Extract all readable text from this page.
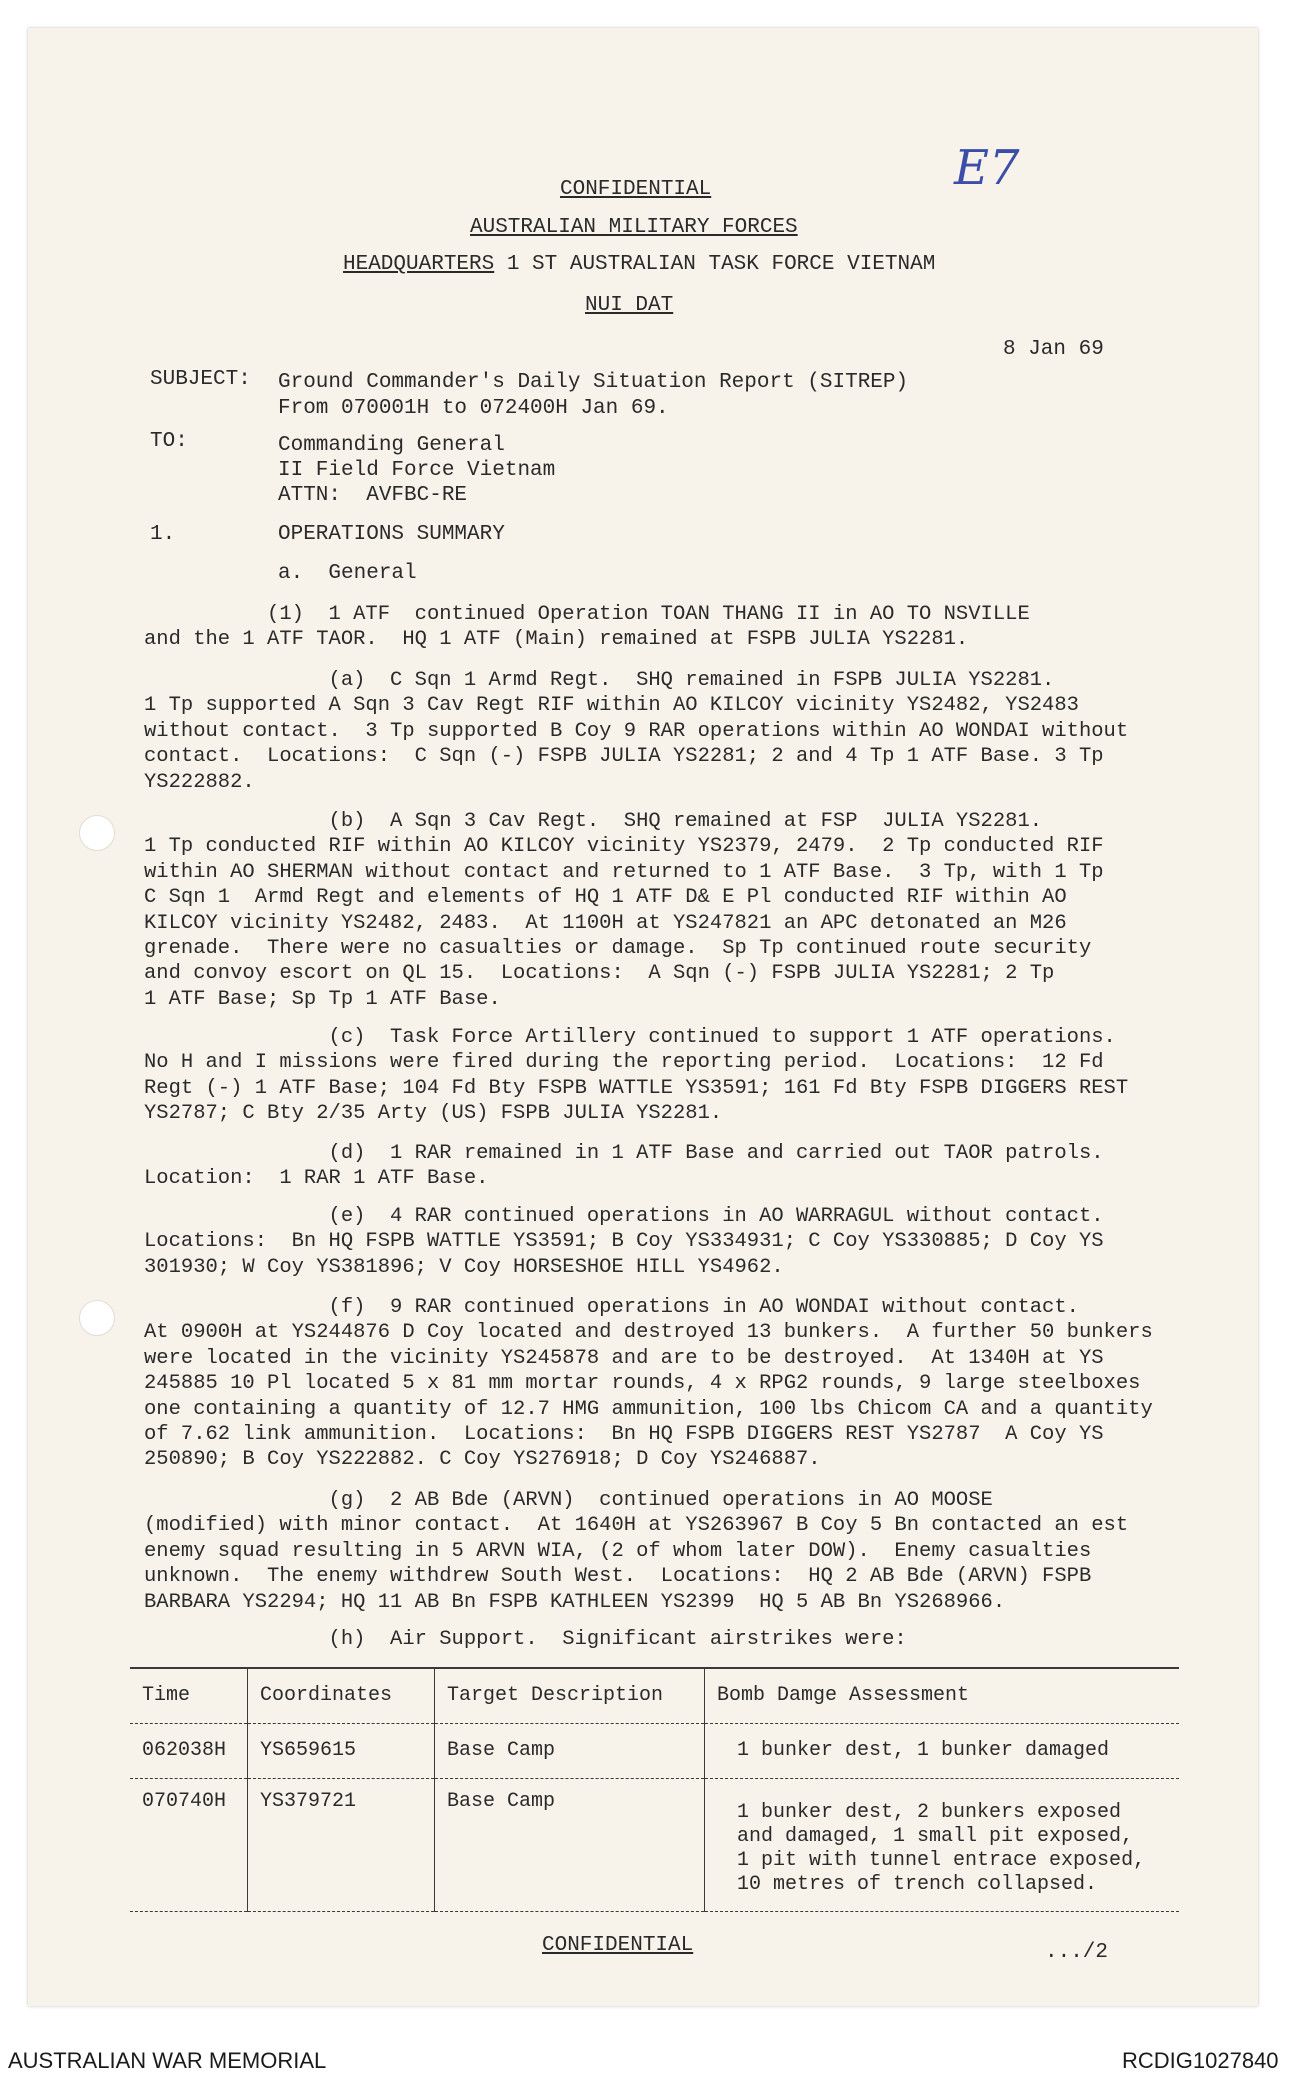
E7
CONFIDENTIAL
AUSTRALIAN MILITARY FORCES
HEADQUARTERS 1 ST AUSTRALIAN TASK FORCE VIETNAM
NUI DAT
8 Jan 69
SUBJECT: Ground Commander's Daily Situation Report (SITREP)
From 070001H to 072400H Jan 69.
TO:	Commanding General
II Field Force Vietnam
ATTN:  AVFBC-RE
1.	OPERATIONS SUMMARY
a.  General
(1)  1 ATF  continued Operation TOAN THANG II in AO TO NSVILLE
and the 1 ATF TAOR.  HQ 1 ATF (Main) remained at FSPB JULIA YS2281.
(a)  C Sqn 1 Armd Regt.  SHQ remained in FSPB JULIA YS2281.
1 Tp supported A Sqn 3 Cav Regt RIF within AO KILCOY vicinity YS2482, YS2483
without contact.  3 Tp supported B Coy 9 RAR operations within AO WONDAI without
contact.  Locations:  C Sqn (-) FSPB JULIA YS2281; 2 and 4 Tp 1 ATF Base. 3 Tp
YS222882.
(b)  A Sqn 3 Cav Regt.  SHQ remained at FSP  JULIA YS2281.
1 Tp conducted RIF within AO KILCOY vicinity YS2379, 2479.  2 Tp conducted RIF
within AO SHERMAN without contact and returned to 1 ATF Base.  3 Tp, with 1 Tp
C Sqn 1  Armd Regt and elements of HQ 1 ATF D& E Pl conducted RIF within AO
KILCOY vicinity YS2482, 2483.  At 1100H at YS247821 an APC detonated an M26
grenade.  There were no casualties or damage.  Sp Tp continued route security
and convoy escort on QL 15.  Locations:  A Sqn (-) FSPB JULIA YS2281; 2 Tp
1 ATF Base; Sp Tp 1 ATF Base.
(c)  Task Force Artillery continued to support 1 ATF operations.
No H and I missions were fired during the reporting period.  Locations:  12 Fd
Regt (-) 1 ATF Base; 104 Fd Bty FSPB WATTLE YS3591; 161 Fd Bty FSPB DIGGERS REST
YS2787; C Bty 2/35 Arty (US) FSPB JULIA YS2281.
(d)  1 RAR remained in 1 ATF Base and carried out TAOR patrols.
Location:  1 RAR 1 ATF Base.
(e)  4 RAR continued operations in AO WARRAGUL without contact.
Locations:  Bn HQ FSPB WATTLE YS3591; B Coy YS334931; C Coy YS330885; D Coy YS
301930; W Coy YS381896; V Coy HORSESHOE HILL YS4962.
(f)  9 RAR continued operations in AO WONDAI without contact.
At 0900H at YS244876 D Coy located and destroyed 13 bunkers.  A further 50 bunkers
were located in the vicinity YS245878 and are to be destroyed.  At 1340H at YS
245885 10 Pl located 5 x 81 mm mortar rounds, 4 x RPG2 rounds, 9 large steelboxes
one containing a quantity of 12.7 HMG ammunition, 100 lbs Chicom CA and a quantity
of 7.62 link ammunition.  Locations:  Bn HQ FSPB DIGGERS REST YS2787  A Coy YS
250890; B Coy YS222882. C Coy YS276918; D Coy YS246887.
(g)  2 AB Bde (ARVN)  continued operations in AO MOOSE
(modified) with minor contact.  At 1640H at YS263967 B Coy 5 Bn contacted an est
enemy squad resulting in 5 ARVN WIA, (2 of whom later DOW).  Enemy casualties
unknown.  The enemy withdrew South West.  Locations:  HQ 2 AB Bde (ARVN) FSPB
BARBARA YS2294; HQ 11 AB Bn FSPB KATHLEEN YS2399  HQ 5 AB Bn YS268966.
(h)  Air Support.  Significant airstrikes were:
Time	Coordinates	Target Description	Bomb Damge Assessment
062038H	YS659615	Base Camp	1 bunker dest, 1 bunker damaged
070740H	YS379721	Base Camp	1 bunker dest, 2 bunkers exposed
and damaged, 1 small pit exposed,
1 pit with tunnel entrace exposed,
10 metres of trench collapsed.
CONFIDENTIAL	.../2
AUSTRALIAN WAR MEMORIAL	RCDIG1027840
